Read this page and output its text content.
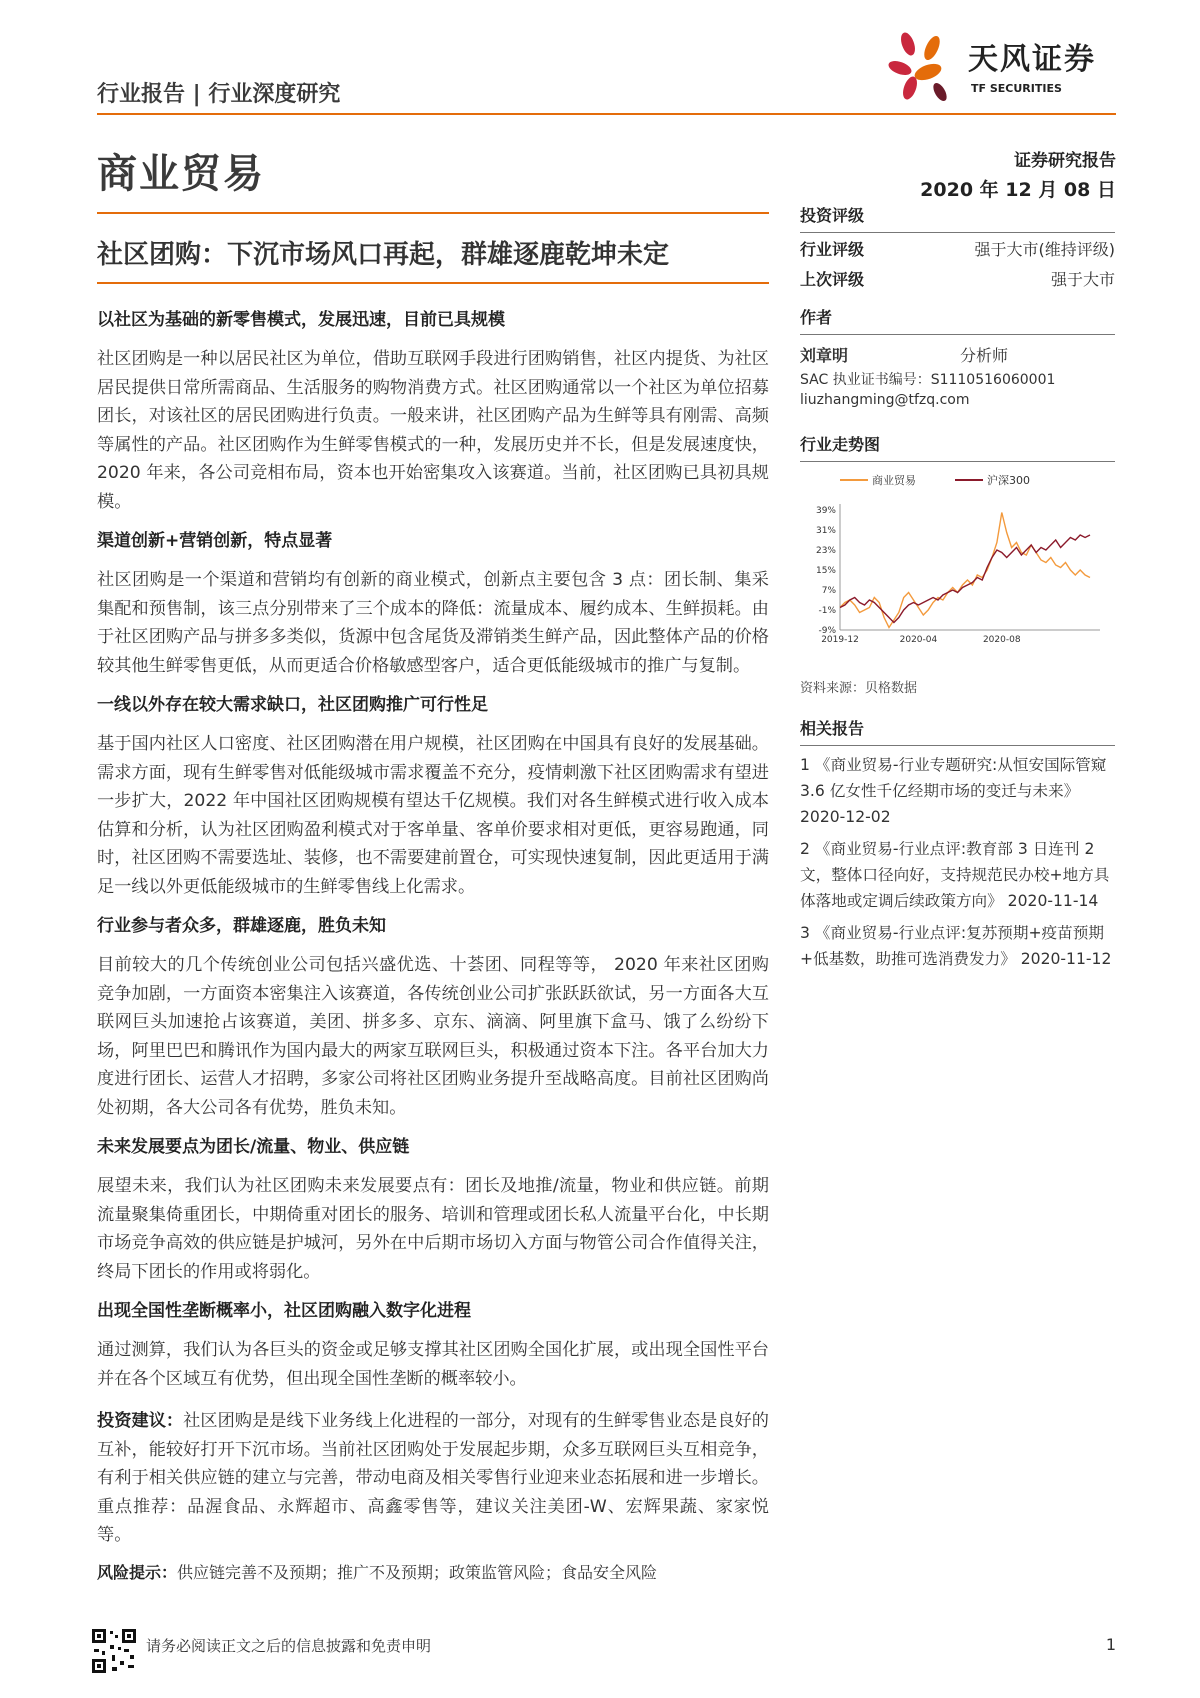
行业报告 | 行业深度研究
天风证券
TF SECURITIES
商业贸易	证券研究报告
2020 年 12 月 08 日
社区团购：下沉市场风口再起，群雄逐鹿乾坤未定
以社区为基础的新零售模式，发展迅速，目前已具规模
社区团购是一种以居民社区为单位，借助互联网手段进行团购销售，社区内提货、为社区居民提供日常所需商品、生活服务的购物消费方式。社区团购通常以一个社区为单位招募团长，对该社区的居民团购进行负责。一般来讲，社区团购产品为生鲜等具有刚需、高频等属性的产品。社区团购作为生鲜零售模式的一种，发展历史并不长，但是发展速度快，2020 年来，各公司竞相布局，资本也开始密集攻入该赛道。当前，社区团购已具初具规模。
渠道创新+营销创新，特点显著
社区团购是一个渠道和营销均有创新的商业模式，创新点主要包含 3 点：团长制、集采集配和预售制，该三点分别带来了三个成本的降低：流量成本、履约成本、生鲜损耗。由于社区团购产品与拼多多类似，货源中包含尾货及滞销类生鲜产品，因此整体产品的价格较其他生鲜零售更低，从而更适合价格敏感型客户，适合更低能级城市的推广与复制。
一线以外存在较大需求缺口，社区团购推广可行性足
基于国内社区人口密度、社区团购潜在用户规模，社区团购在中国具有良好的发展基础。需求方面，现有生鲜零售对低能级城市需求覆盖不充分，疫情刺激下社区团购需求有望进一步扩大，2022 年中国社区团购规模有望达千亿规模。我们对各生鲜模式进行收入成本估算和分析，认为社区团购盈利模式对于客单量、客单价要求相对更低，更容易跑通，同时，社区团购不需要选址、装修，也不需要建前置仓，可实现快速复制，因此更适用于满足一线以外更低能级城市的生鲜零售线上化需求。
行业参与者众多，群雄逐鹿，胜负未知
目前较大的几个传统创业公司包括兴盛优选、十荟团、同程等等， 2020 年来社区团购竞争加剧，一方面资本密集注入该赛道，各传统创业公司扩张跃跃欲试，另一方面各大互联网巨头加速抢占该赛道，美团、拼多多、京东、滴滴、阿里旗下盒马、饿了么纷纷下场，阿里巴巴和腾讯作为国内最大的两家互联网巨头，积极通过资本下注。各平台加大力度进行团长、运营人才招聘，多家公司将社区团购业务提升至战略高度。目前社区团购尚处初期，各大公司各有优势，胜负未知。
未来发展要点为团长/流量、物业、供应链
展望未来，我们认为社区团购未来发展要点有：团长及地推/流量，物业和供应链。前期流量聚集倚重团长，中期倚重对团长的服务、培训和管理或团长私人流量平台化，中长期市场竞争高效的供应链是护城河，另外在中后期市场切入方面与物管公司合作值得关注，终局下团长的作用或将弱化。
出现全国性垄断概率小，社区团购融入数字化进程
通过测算，我们认为各巨头的资金或足够支撑其社区团购全国化扩展，或出现全国性平台并在各个区域互有优势，但出现全国性垄断的概率较小。
投资建议：社区团购是是线下业务线上化进程的一部分，对现有的生鲜零售业态是良好的互补，能较好打开下沉市场。当前社区团购处于发展起步期，众多互联网巨头互相竞争，有利于相关供应链的建立与完善，带动电商及相关零售行业迎来业态拓展和进一步增长。重点推荐：品渥食品、永辉超市、高鑫零售等，建议关注美团-W、宏辉果蔬、家家悦等。
风险提示：供应链完善不及预期；推广不及预期；政策监管风险；食品安全风险
投资评级
行业评级	强于大市(维持评级)
上次评级	强于大市
作者
刘章明	分析师
SAC 执业证书编号：S1110516060001
liuzhangming@tfzq.com
行业走势图
商业贸易	沪深300
39%
31%
23%
15%
7%
-1%
-9%
2019-12	2020-04	2020-08
资料来源：贝格数据
相关报告
1 《商业贸易-行业专题研究:从恒安国际管窥 3.6 亿女性千亿经期市场的变迁与未来》 2020-12-02
2 《商业贸易-行业点评:教育部 3 日连刊 2 文，整体口径向好，支持规范民办校+地方具体落地或定调后续政策方向》 2020-11-14
3 《商业贸易-行业点评:复苏预期+疫苗预期+低基数，助推可选消费发力》 2020-11-12
请务必阅读正文之后的信息披露和免责申明	1
